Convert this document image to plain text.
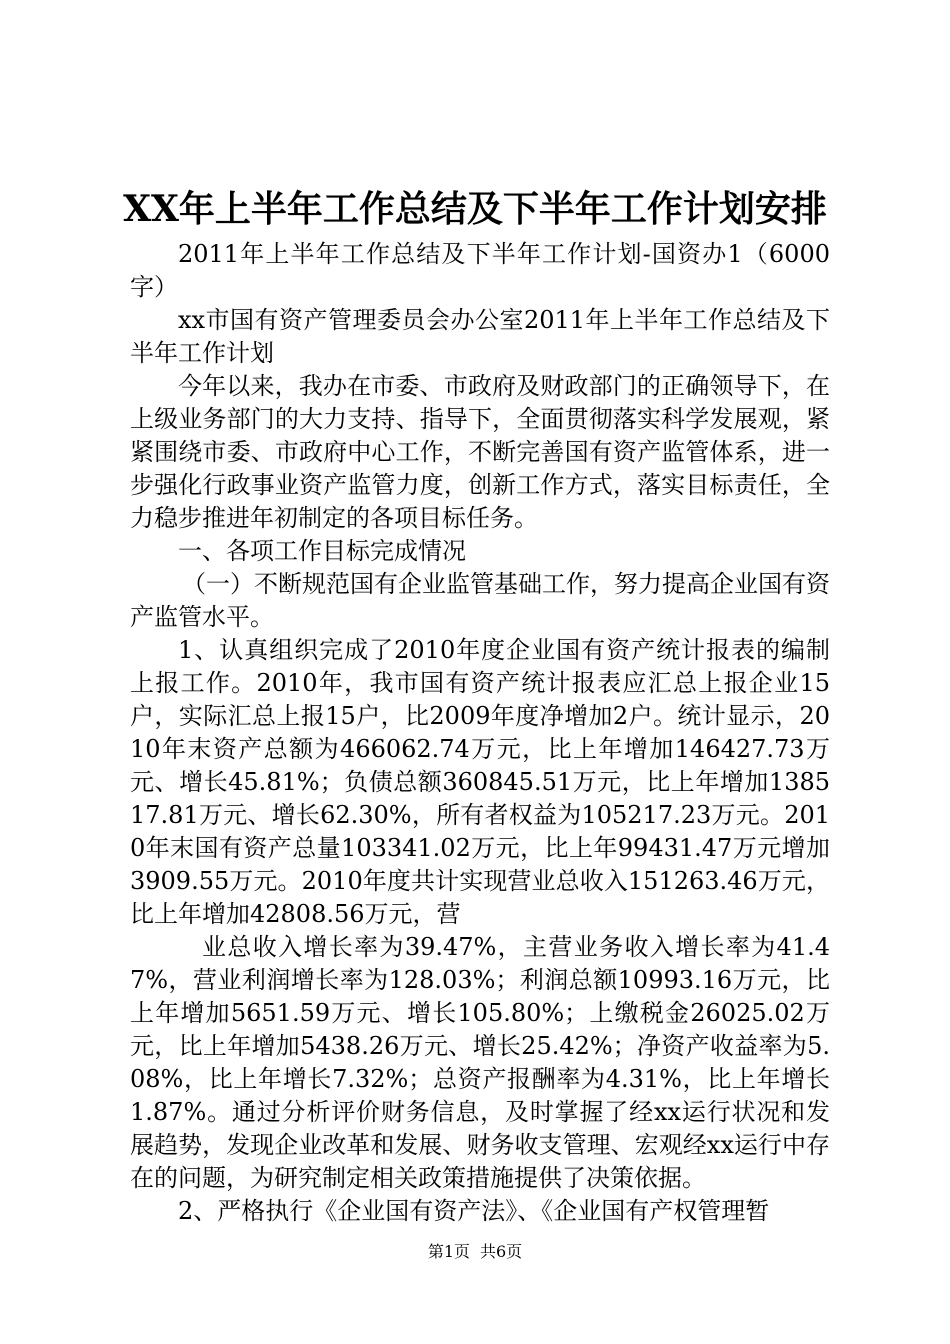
XX年上半年工作总结及下半年工作计划安排

2011年上半年工作总结及下半年工作计划-国资办1（6000字）

xx市国有资产管理委员会办公室2011年上半年工作总结及下半年工作计划

今年以来，我办在市委、市政府及财政部门的正确领导下，在上级业务部门的大力支持、指导下，全面贯彻落实科学发展观，紧紧围绕市委、市政府中心工作，不断完善国有资产监管体系，进一步强化行政事业资产监管力度，创新工作方式，落实目标责任，全力稳步推进年初制定的各项目标任务。

一、各项工作目标完成情况

（一）不断规范国有企业监管基础工作，努力提高企业国有资产监管水平。

1、认真组织完成了2010年度企业国有资产统计报表的编制上报工作。2010年，我市国有资产统计报表应汇总上报企业15户，实际汇总上报15户，比2009年度净增加2户。统计显示，2010年末资产总额为466062.74万元，比上年增加146427.73万元、增长45.81%；负债总额360845.51万元，比上年增加138517.81万元、增长62.30%，所有者权益为105217.23万元。2010年末国有资产总量103341.02万元，比上年99431.47万元增加3909.55万元。2010年度共计实现营业总收入151263.46万元，比上年增加42808.56万元，营

业总收入增长率为39.47%，主营业务收入增长率为41.47%，营业利润增长率为128.03%；利润总额10993.16万元，比上年增加5651.59万元、增长105.80%；上缴税金26025.02万元，比上年增加5438.26万元、增长25.42%；净资产收益率为5.08%，比上年增长7.32%；总资产报酬率为4.31%，比上年增长1.87%。通过分析评价财务信息，及时掌握了经xx运行状况和发展趋势，发现企业改革和发展、财务收支管理、宏观经xx运行中存在的问题，为研究制定相关政策措施提供了决策依据。

2、严格执行《企业国有资产法》、《企业国有产权管理暂

第1页 共6页
